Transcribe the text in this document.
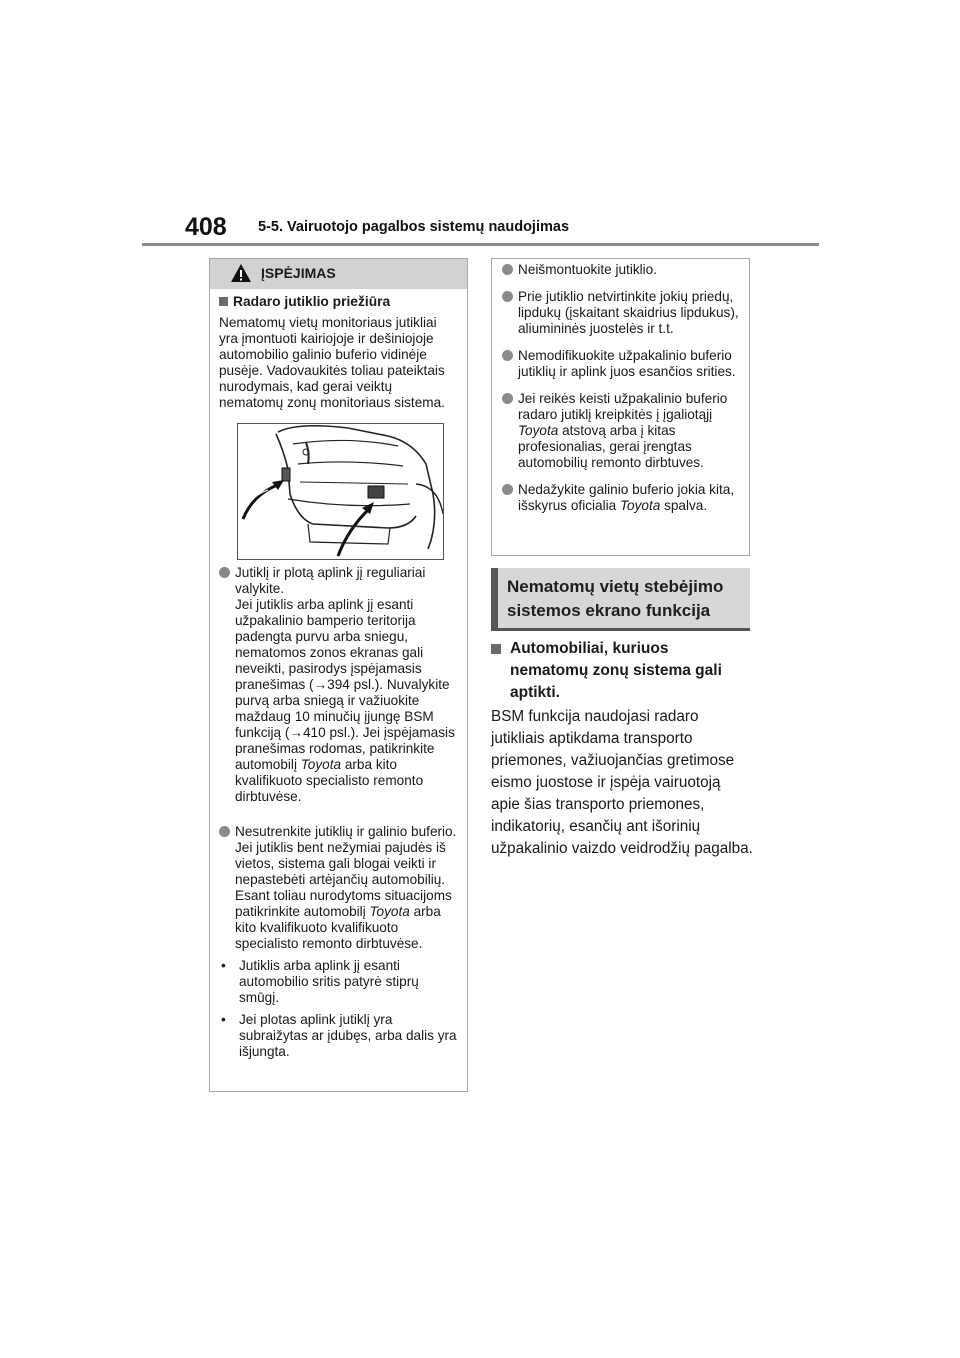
408 5-5. Vairuotojo pagalbos sistemų naudojimas
ĮSPĖJIMAS
Radaro jutiklio priežiūra
Nematomų vietų monitoriaus jutikliai yra įmontuoti kairiojoje ir dešiniojoje automobilio galinio buferio vidinėje pusėje. Vadovaukitės toliau pateiktais nurodymais, kad gerai veiktų nematomų zonų monitoriaus sistema.
Jutiklį ir plotą aplink jį reguliariai valykite.
Jei jutiklis arba aplink jį esanti užpakalinio bamperio teritorija padengta purvu arba sniegu, nematomos zonos ekranas gali neveikti, pasirodys įspėjamasis pranešimas (→394 psl.). Nuvalykite purvą arba sniegą ir važiuokite maždaug 10 minučių įjungę BSM funkciją (→410 psl.). Jei įspėjamasis pranešimas rodomas, patikrinkite automobilį Toyota arba kito kvalifikuoto specialisto remonto dirbtuvėse.
Nesutrenkite jutiklių ir galinio buferio.
Jei jutiklis bent nežymiai pajudės iš vietos, sistema gali blogai veikti ir nepastebėti artėjančių automobilių. Esant toliau nurodytoms situacijoms patikrinkite automobilį Toyota arba kito kvalifikuoto kvalifikuoto specialisto remonto dirbtuvėse.
• Jutiklis arba aplink jį esanti automobilio sritis patyrė stiprų smūgį.
• Jei plotas aplink jutiklį yra subraižytas ar įdubęs, arba dalis yra išjungta.
Neišmontuokite jutiklio.
Prie jutiklio netvirtinkite jokių priedų, lipdukų (įskaitant skaidrius lipdukus), aliumininės juostelės ir t.t.
Nemodifikuokite užpakalinio buferio jutiklių ir aplink juos esančios srities.
Jei reikės keisti užpakalinio buferio radaro jutiklį kreipkitės į įgaliotąjį Toyota atstovą arba į kitas profesionalias, gerai įrengtas automobilių remonto dirbtuves.
Nedažykite galinio buferio jokia kita, išskyrus oficialia Toyota spalva.
Nematomų vietų stebėjimo
sistemos ekrano funkcija
Automobiliai, kuriuos nematomų zonų sistema gali aptikti.
BSM funkcija naudojasi radaro jutikliais aptikdama transporto priemones, važiuojančias gretimose eismo juostose ir įspėja vairuotoją apie šias transporto priemones, indikatorių, esančių ant išorinių užpakalinio vaizdo veidrodžių pagalba.
